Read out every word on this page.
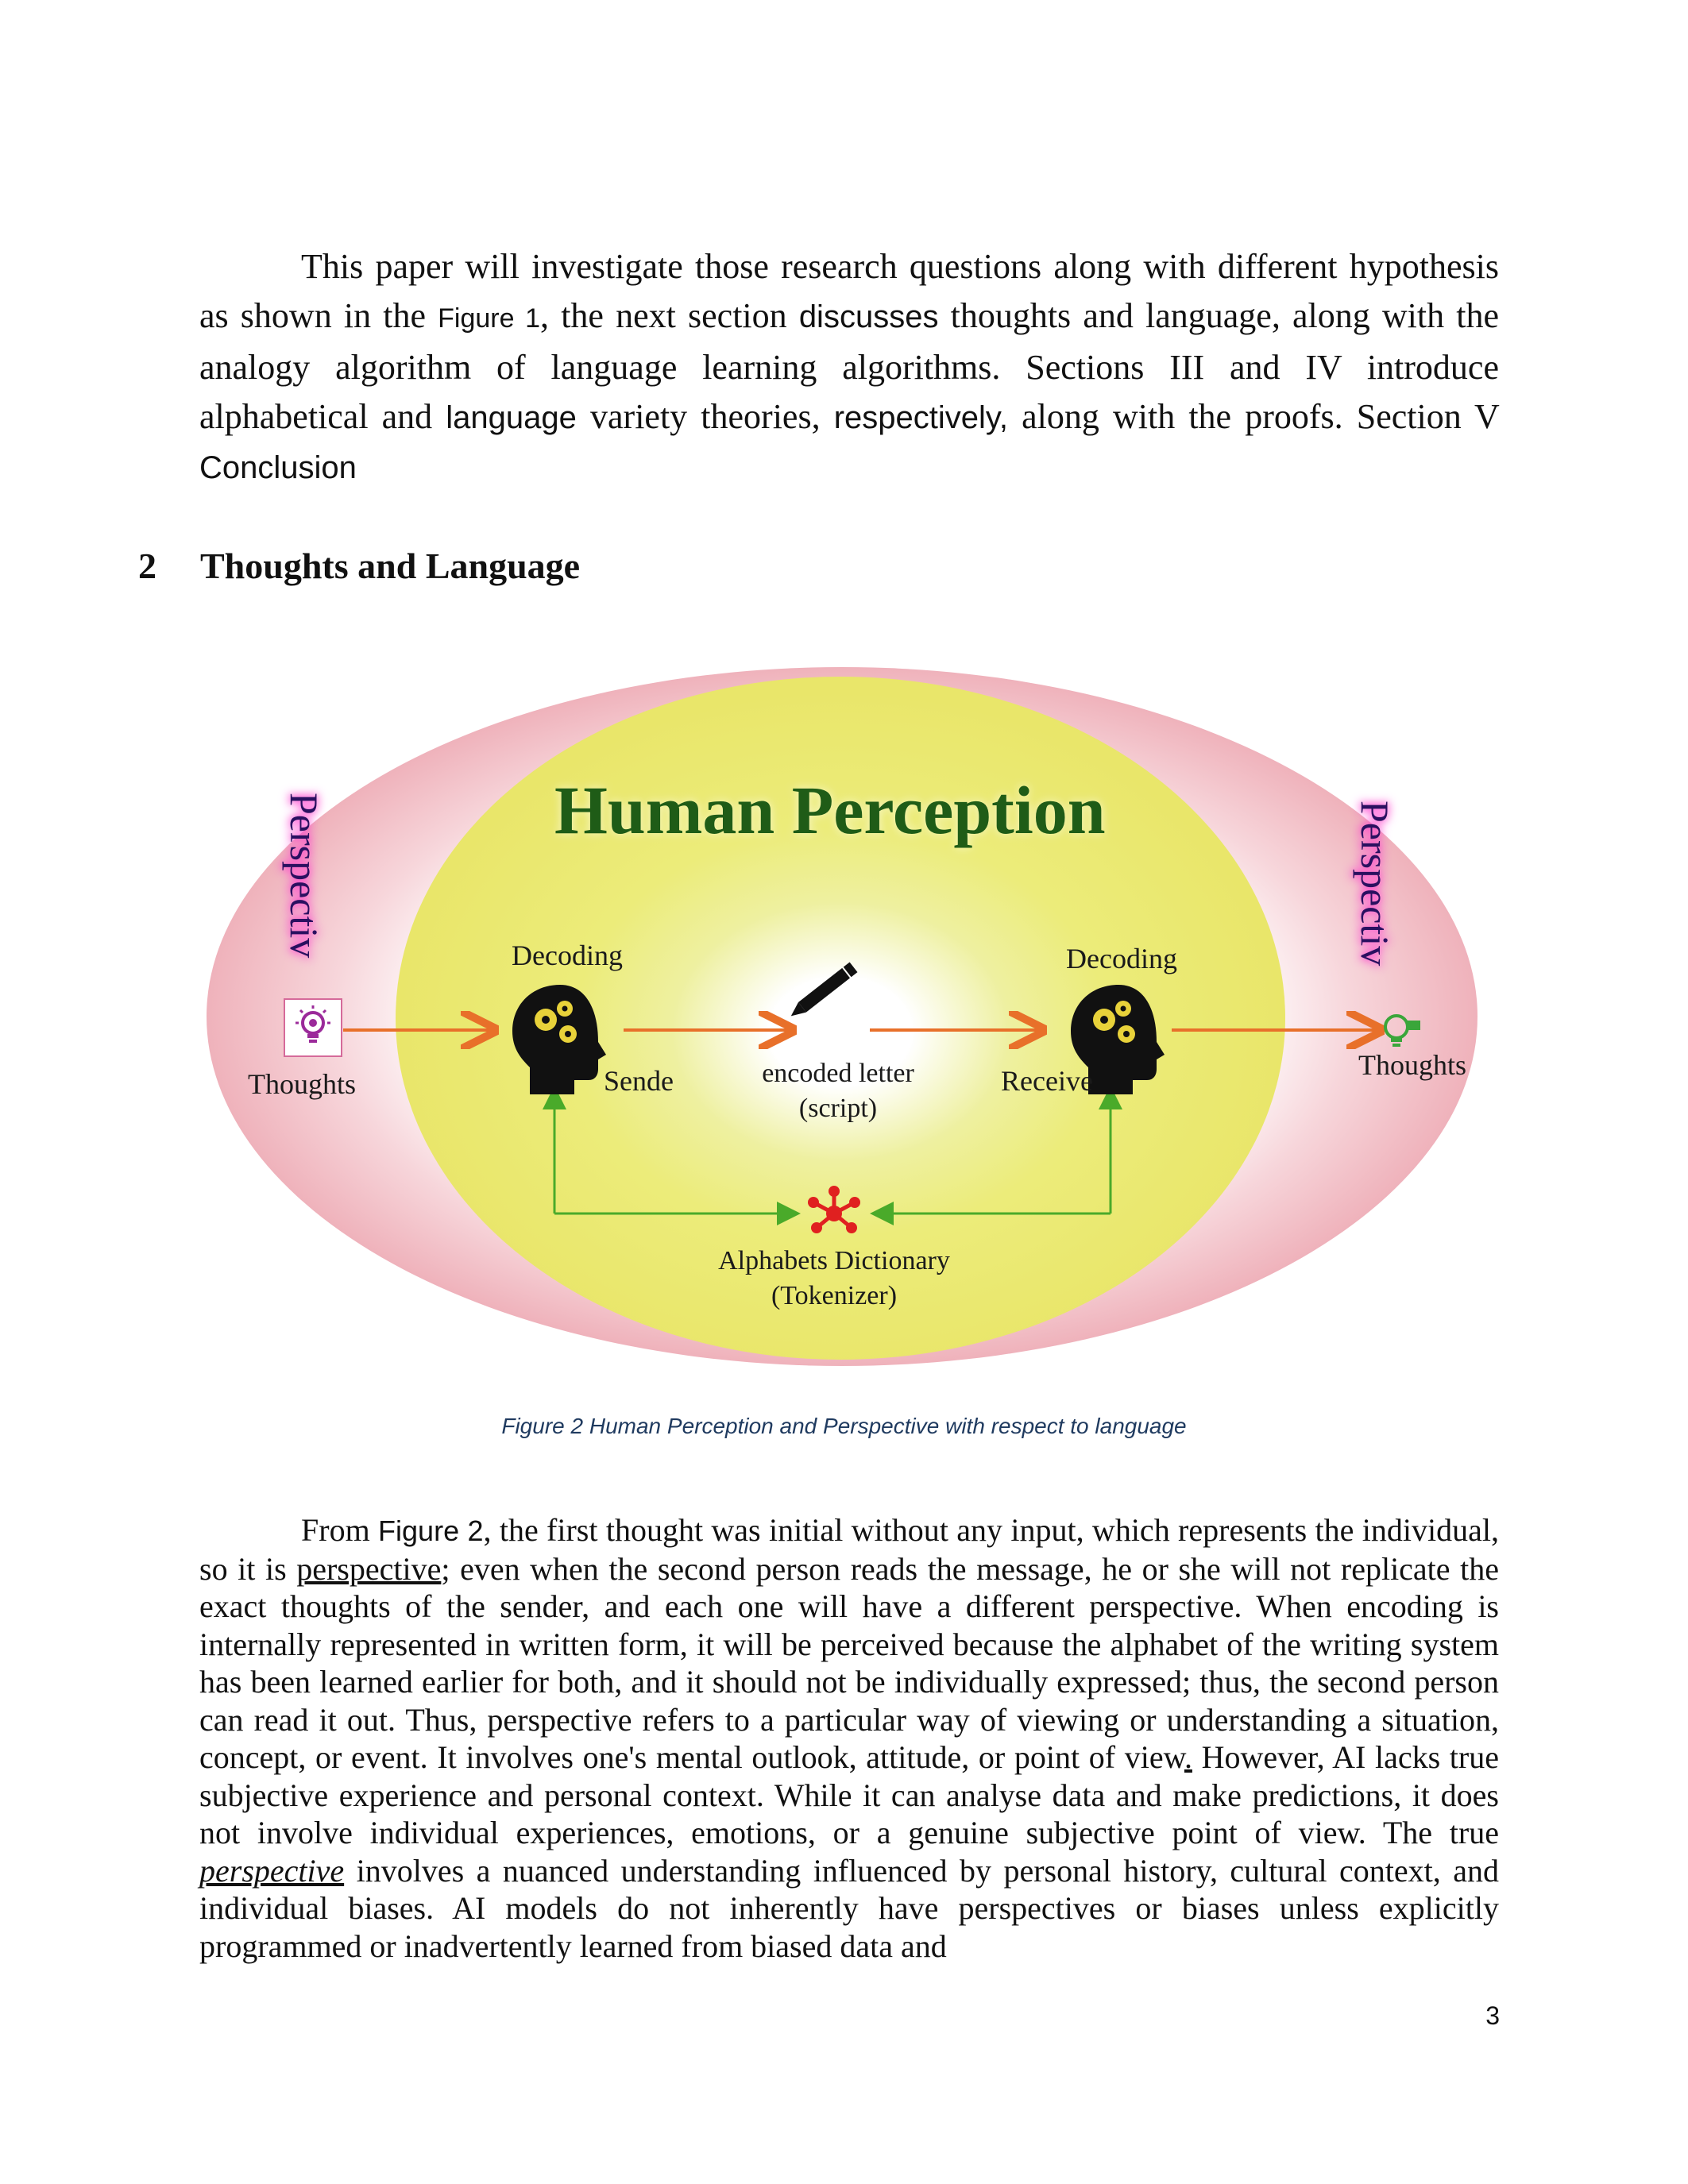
This paper will investigate those research questions along with different hypothesis as shown in the Figure 1, the next section discusses thoughts and language, along with the analogy algorithm of language learning algorithms. Sections III and IV introduce alphabetical and language variety theories, respectively, along with the proofs. Section V Conclusion
2 Thoughts and Language
Human Perception
Perspectiv	Perspectiv
Decoding	Decoding
Thoughts
Thoughts
Sende	Receive
encoded letter
(script)
Alphabets Dictionary
(Tokenizer)
Figure 2 Human Perception and Perspective with respect to language
From Figure 2, the first thought was initial without any input, which represents the individual, so it is perspective; even when the second person reads the message, he or she will not replicate the exact thoughts of the sender, and each one will have a different perspective. When encoding is internally represented in written form, it will be perceived because the alphabet of the writing system has been learned earlier for both, and it should not be individually expressed; thus, the second person can read it out. Thus, perspective refers to a particular way of viewing or understanding a situation, concept, or event. It involves one's mental outlook, attitude, or point of view. However, AI lacks true subjective experience and personal context. While it can analyse data and make predictions, it does not involve individual experiences, emotions, or a genuine subjective point of view. The true perspective involves a nuanced understanding influenced by personal history, cultural context, and individual biases. AI models do not inherently have perspectives or biases unless explicitly programmed or inadvertently learned from biased data and
3
